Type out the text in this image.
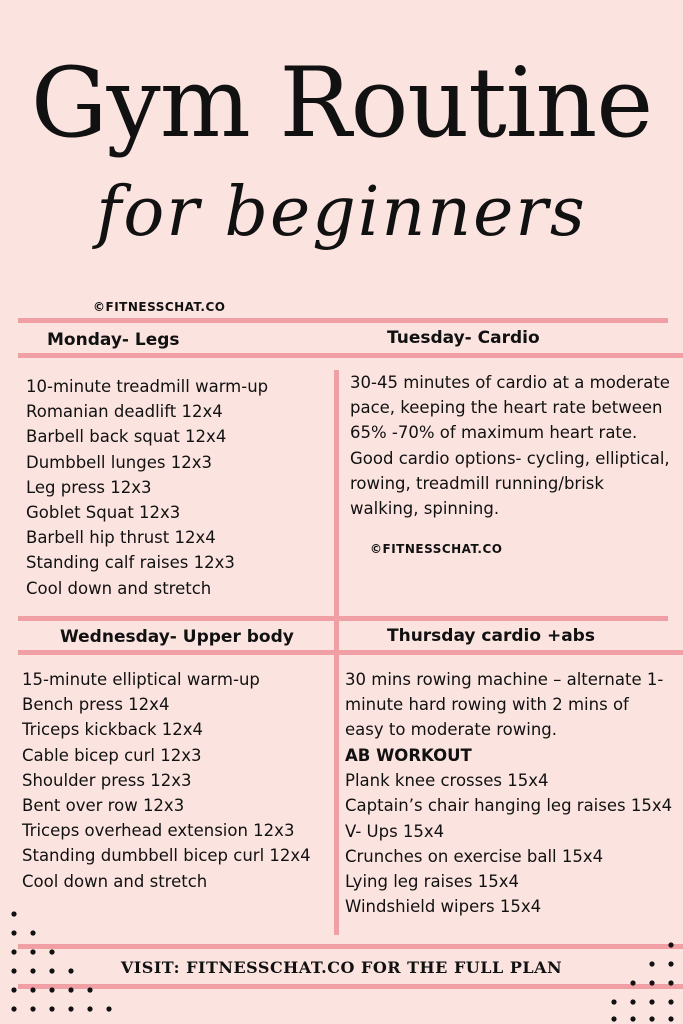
Gym Routine
for beginners
©FITNESSCHAT.CO
Monday- Legs
10-minute treadmill warm-up
Romanian deadlift 12x4
Barbell back squat 12x4
Dumbbell lunges 12x3
Leg press 12x3
Goblet Squat 12x3
Barbell hip thrust 12x4
Standing calf raises 12x3
Cool down and stretch
Tuesday- Cardio

30-45 minutes of cardio at a moderate pace, keeping the heart rate between 65% -70% of maximum heart rate. Good cardio options- cycling, elliptical, rowing, treadmill running/brisk walking, spinning.

©FITNESSCHAT.CO
Wednesday- Upper body
15-minute elliptical warm-up
Bench press 12x4
Triceps kickback 12x4
Cable bicep curl 12x3
Shoulder press 12x3
Bent over row 12x3
Triceps overhead extension 12x3
Standing dumbbell bicep curl 12x4
Cool down and stretch
Thursday cardio +abs

30 mins rowing machine – alternate 1-minute hard rowing with 2 mins of easy to moderate rowing.

AB WORKOUT
Plank knee crosses 15x4
Captain’s chair hanging leg raises 15x4
V- Ups 15x4
Crunches on exercise ball 15x4
Lying leg raises 15x4
Windshield wipers 15x4
VISIT: FITNESSCHAT.CO FOR THE FULL PLAN
